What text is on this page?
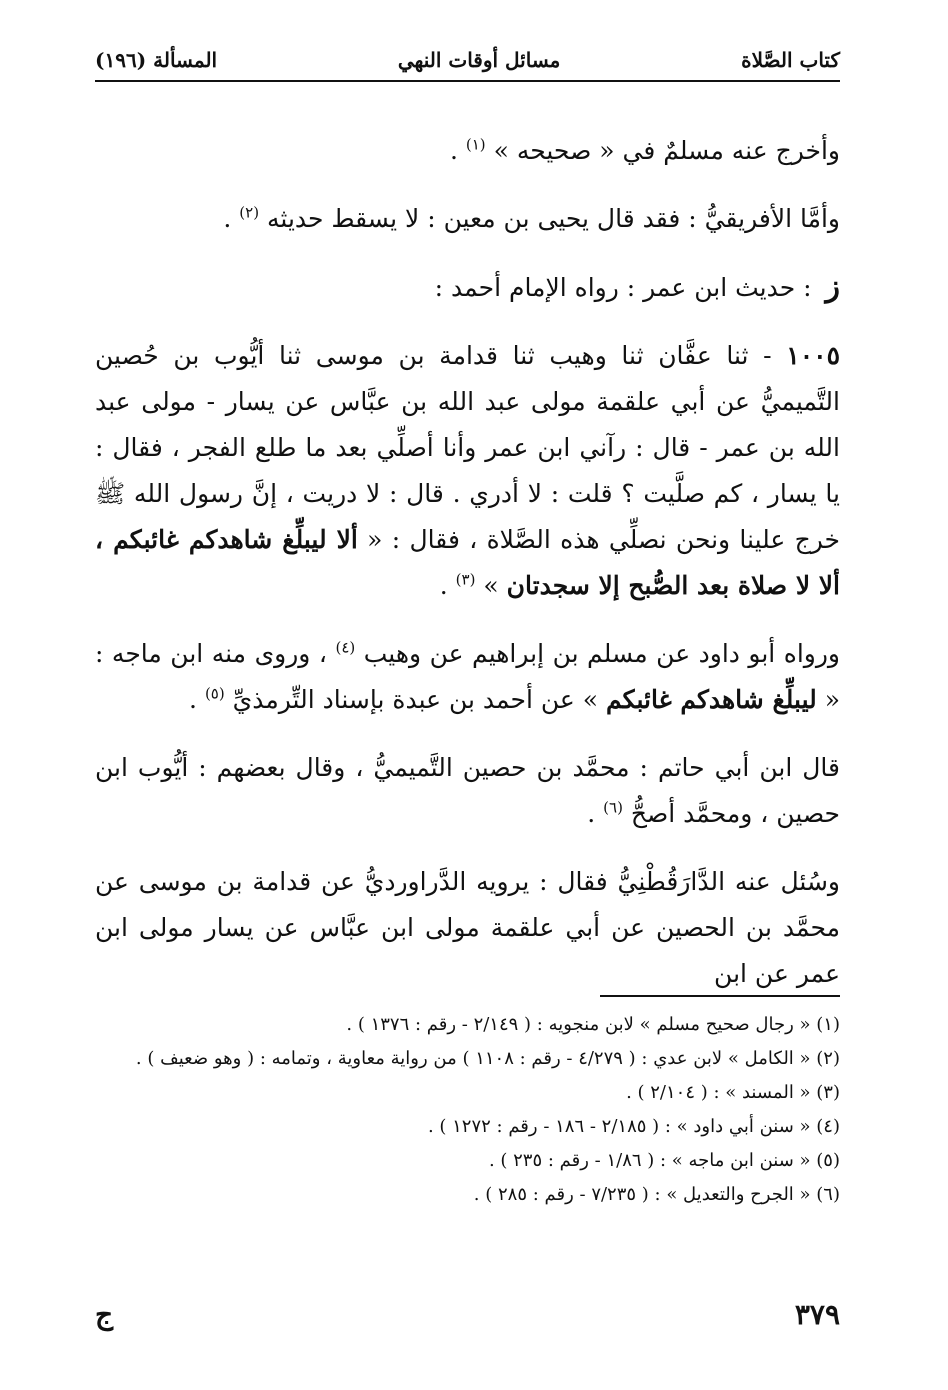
كتاب الصَّلاة
مسائل أوقات النهي
المسألة (١٩٦)

وأخرج عنه مسلمٌ في « صحيحه » $^{(١)}$ .

وأمَّا الأفريقيُّ : فقد قال يحيى بن معين : لا يسقط حديثه $^{(٢)}$ .

ز : حديث ابن عمر : رواه الإمام أحمد :

١٠٠٥ - ثنا عفَّان ثنا وهيب ثنا قدامة بن موسى ثنا أيُّوب بن حُصين التَّميميُّ عن أبي علقمة مولى عبد الله بن عبَّاس عن يسار - مولى عبد الله بن عمر - قال : رآني ابن عمر وأنا أصلِّي بعد ما طلع الفجر ، فقال : يا يسار ، كم صلَّيت ؟ قلت : لا أدري . قال : لا دريت ، إنَّ رسول الله ﷺ خرج علينا ونحن نصلِّي هذه الصَّلاة ، فقال : « ألا ليبلِّغ شاهدكم غائبكم ، ألا لا صلاة بعد الصُّبح إلا سجدتان » $^{(٣)}$ .

ورواه أبو داود عن مسلم بن إبراهيم عن وهيب $^{(٤)}$ ، وروى منه ابن ماجه : « ليبلِّغ شاهدكم غائبكم » عن أحمد بن عبدة بإسناد التِّرمذيِّ $^{(٥)}$ .

قال ابن أبي حاتم : محمَّد بن حصين التَّميميُّ ، وقال بعضهم : أيُّوب ابن حصين ، ومحمَّد أصحُّ $^{(٦)}$ .

وسُئل عنه الدَّارَقُطْنِيُّ فقال : يرويه الدَّراورديُّ عن قدامة بن موسى عن محمَّد بن الحصين عن أبي علقمة مولى ابن عبَّاس عن يسار مولى ابن عمر عن ابن

(١) « رجال صحيح مسلم » لابن منجويه : ( ٢/١٤٩ - رقم : ١٣٧٦ ) .
(٢) « الكامل » لابن عدي : ( ٤/٢٧٩ - رقم : ١١٠٨ ) من رواية معاوية ، وتمامه : ( وهو ضعيف ) .
(٣) « المسند » : ( ٢/١٠٤ ) .
(٤) « سنن أبي داود » : ( ٢/١٨٥ - ١٨٦ - رقم : ١٢٧٢ ) .
(٥) « سنن ابن ماجه » : ( ١/٨٦ - رقم : ٢٣٥ ) .
(٦) « الجرح والتعديل » : ( ٧/٢٣٥ - رقم : ٢٨٥ ) .
٣٧٩
ج
